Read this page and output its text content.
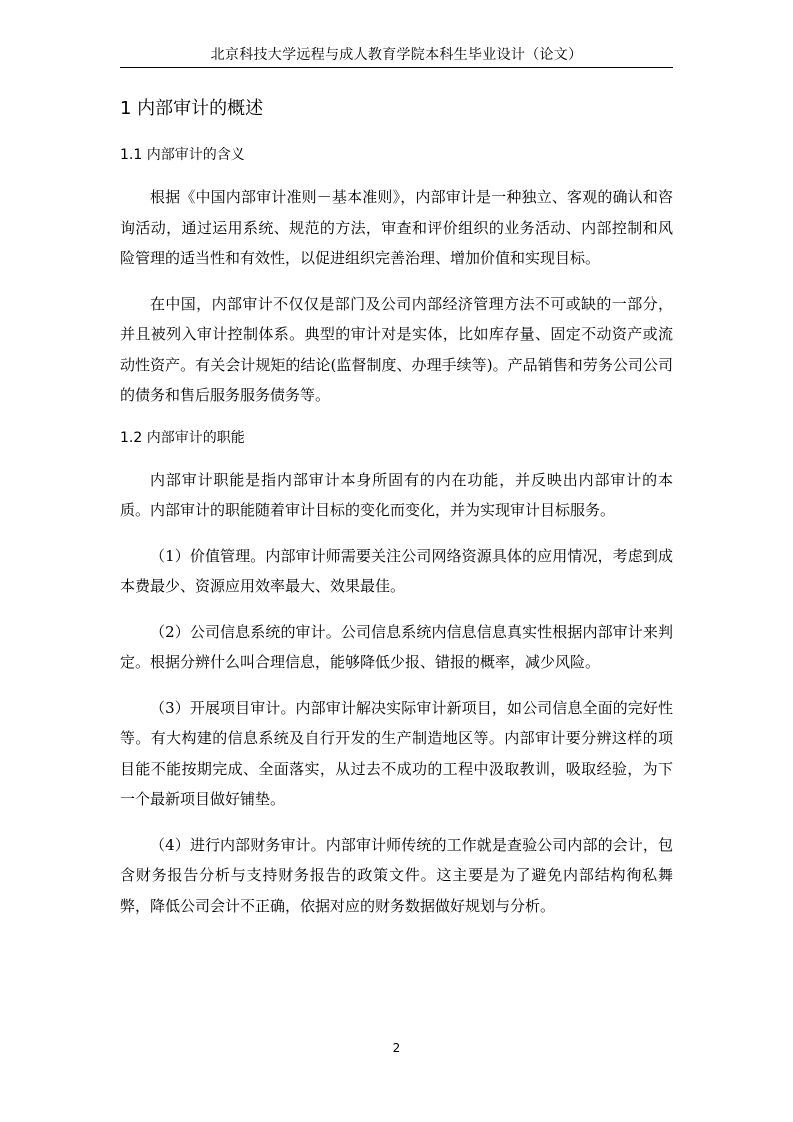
北京科技大学远程与成人教育学院本科生毕业设计（论文）
1 内部审计的概述
1.1 内部审计的含义

根据《中国内部审计准则－基本准则》，内部审计是一种独立、客观的确认和咨询活动，通过运用系统、规范的方法，审查和评价组织的业务活动、内部控制和风险管理的适当性和有效性，以促进组织完善治理、增加价值和实现目标。

在中国，内部审计不仅仅是部门及公司内部经济管理方法不可或缺的一部分，并且被列入审计控制体系。典型的审计对是实体，比如库存量、固定不动资产或流动性资产。有关会计规矩的结论(监督制度、办理手续等)。产品销售和劳务公司公司的债务和售后服务服务债务等。

1.2 内部审计的职能

内部审计职能是指内部审计本身所固有的内在功能，并反映出内部审计的本质。内部审计的职能随着审计目标的变化而变化，并为实现审计目标服务。

（1）价值管理。内部审计师需要关注公司网络资源具体的应用情况，考虑到成本费最少、资源应用效率最大、效果最佳。

（2）公司信息系统的审计。公司信息系统内信息信息真实性根据内部审计来判定。根据分辨什么叫合理信息，能够降低少报、错报的概率，减少风险。

（3）开展项目审计。内部审计解决实际审计新项目，如公司信息全面的完好性等。有大构建的信息系统及自行开发的生产制造地区等。内部审计要分辨这样的项目能不能按期完成、全面落实，从过去不成功的工程中汲取教训，吸取经验，为下一个最新项目做好铺垫。

（4）进行内部财务审计。内部审计师传统的工作就是查验公司内部的会计，包含财务报告分析与支持财务报告的政策文件。这主要是为了避免内部结构徇私舞弊，降低公司会计不正确，依据对应的财务数据做好规划与分析。

2
